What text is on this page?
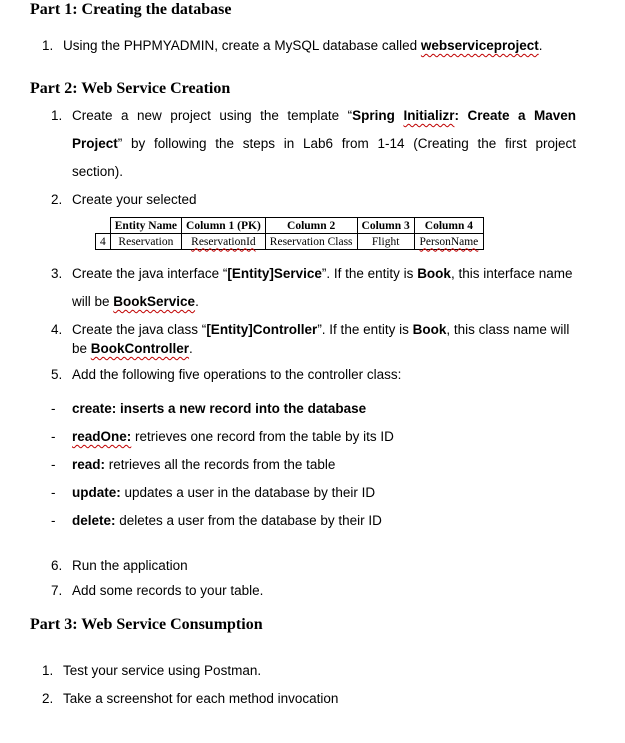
Part 1: Creating the database
1. Using the PHPMYADMIN, create a MySQL database called webserviceproject.
Part 2: Web Service Creation
1. Create a new project using the template “Spring Initializr: Create a Maven
Project” by following the steps in Lab6 from 1-14 (Creating the first project
section).
2. Create your selected
	Entity Name	Column 1 (PK)	Column 2	Column 3	Column 4
4	Reservation	ReservationId	Reservation Class	Flight	PersonName
3. Create the java interface “[Entity]Service”. If the entity is Book, this interface name
will be BookService.
4. Create the java class “[Entity]Controller”. If the entity is Book, this class name will
be BookController.
5. Add the following five operations to the controller class:
- create: inserts a new record into the database
- readOne: retrieves one record from the table by its ID
- read: retrieves all the records from the table
- update: updates a user in the database by their ID
- delete: deletes a user from the database by their ID
6. Run the application
7. Add some records to your table.
Part 3: Web Service Consumption
1. Test your service using Postman.
2. Take a screenshot for each method invocation
